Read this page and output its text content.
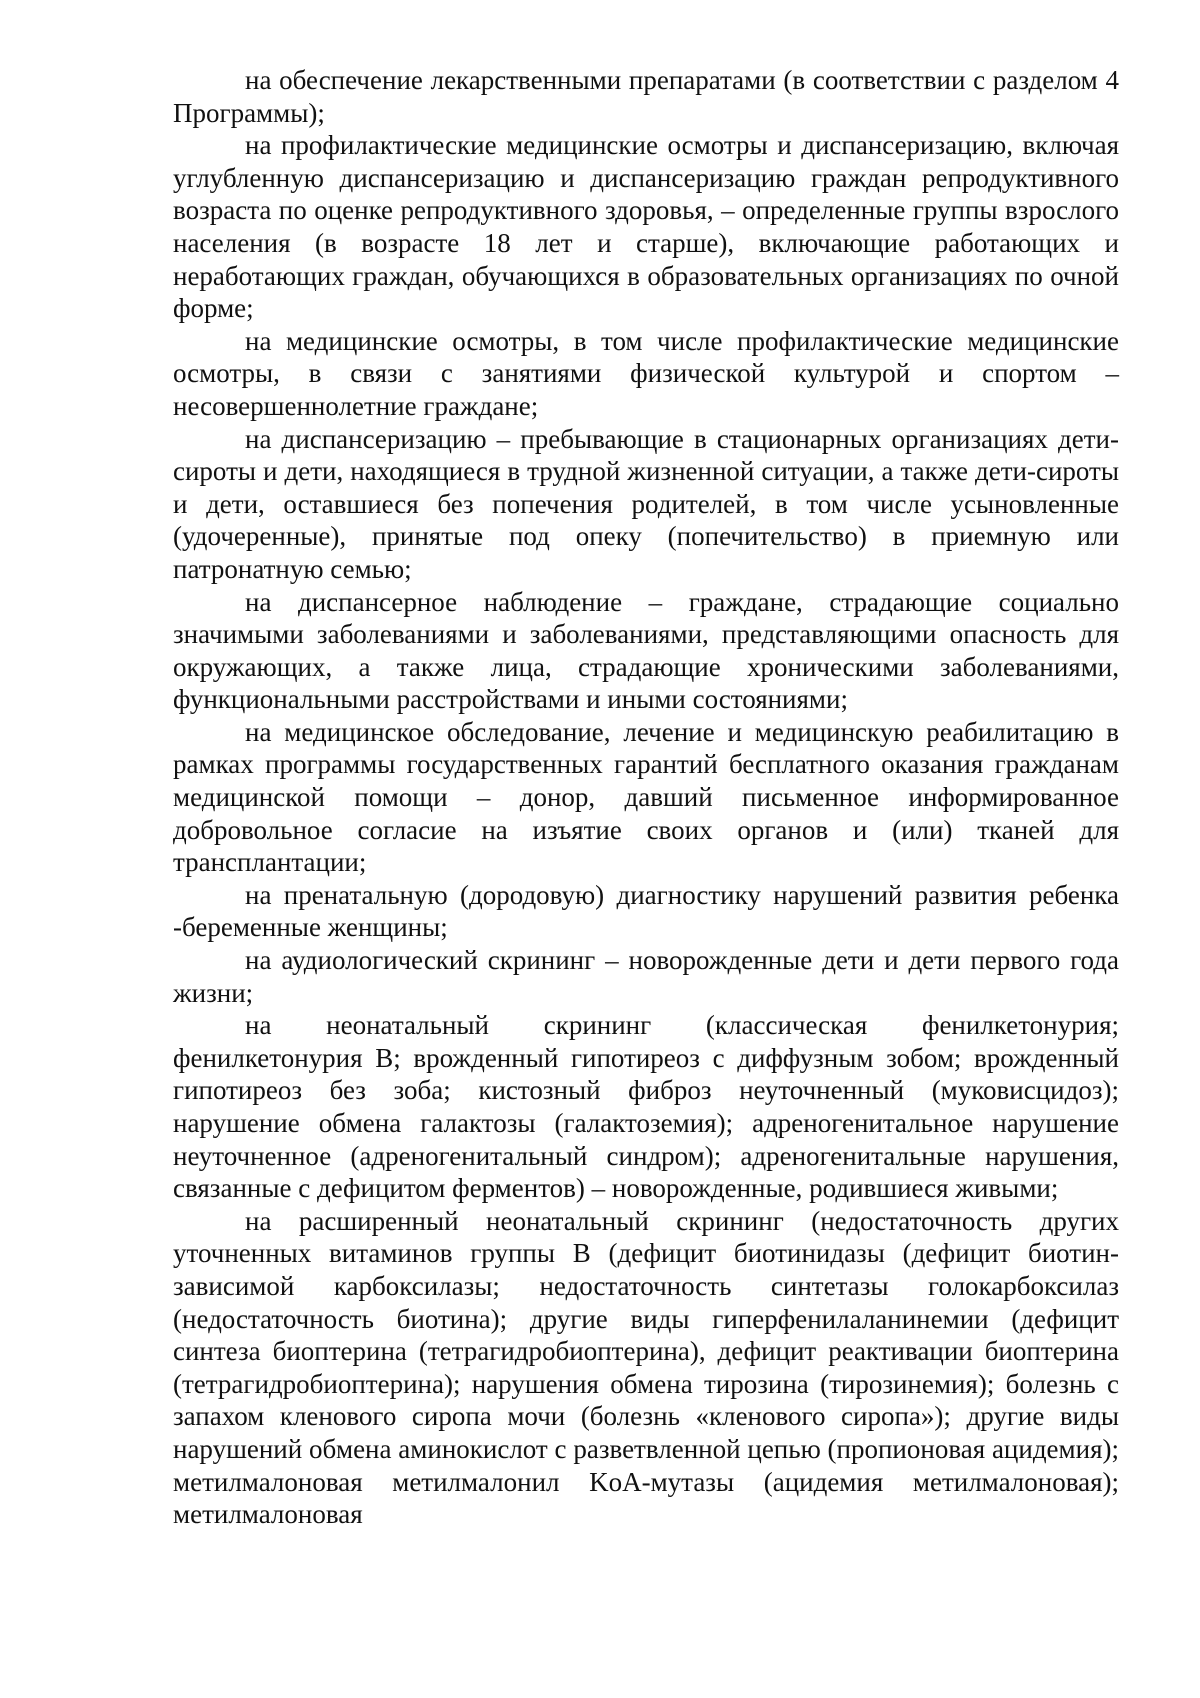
на обеспечение лекарственными препаратами (в соответствии с разделом 4 Программы);

на профилактические медицинские осмотры и диспансеризацию, включая углубленную диспансеризацию и диспансеризацию граждан репродуктивного возраста по оценке репродуктивного здоровья, – определенные группы взрослого населения (в возрасте 18 лет и старше), включающие работающих и неработающих граждан, обучающихся в образовательных организациях по очной форме;

на медицинские осмотры, в том числе профилактические медицинские осмотры, в связи с занятиями физической культурой и спортом – несовершеннолетние граждане;

на диспансеризацию – пребывающие в стационарных организациях дети-сироты и дети, находящиеся в трудной жизненной ситуации, а также дети-сироты и дети, оставшиеся без попечения родителей, в том числе усыновленные (удочеренные), принятые под опеку (попечительство) в приемную или патронатную семью;

на диспансерное наблюдение – граждане, страдающие социально значимыми заболеваниями и заболеваниями, представляющими опасность для окружающих, а также лица, страдающие хроническими заболеваниями, функциональными расстройствами и иными состояниями;

на медицинское обследование, лечение и медицинскую реабилитацию в рамках программы государственных гарантий бесплатного оказания гражданам медицинской помощи – донор, давший письменное информированное добровольное согласие на изъятие своих органов и (или) тканей для трансплантации;

на пренатальную (дородовую) диагностику нарушений развития ребенка -беременные женщины;

на аудиологический скрининг – новорожденные дети и дети первого года жизни;

на неонатальный скрининг (классическая фенилкетонурия; фенилкетонурия B; врожденный гипотиреоз с диффузным зобом; врожденный гипотиреоз без зоба; кистозный фиброз неуточненный (муковисцидоз); нарушение обмена галактозы (галактоземия); адреногенитальное нарушение неуточненное (адреногенитальный синдром); адреногенитальные нарушения, связанные с дефицитом ферментов) – новорожденные, родившиеся живыми;

на расширенный неонатальный скрининг (недостаточность других уточненных витаминов группы B (дефицит биотинидазы (дефицит биотин-зависимой карбоксилазы; недостаточность синтетазы голокарбоксилаз (недостаточность биотина); другие виды гиперфенилаланинемии (дефицит синтеза биоптерина (тетрагидробиоптерина), дефицит реактивации биоптерина (тетрагидробиоптерина); нарушения обмена тирозина (тирозинемия); болезнь с запахом кленового сиропа мочи (болезнь «кленового сиропа»); другие виды нарушений обмена аминокислот с разветвленной цепью (пропионовая ацидемия); метилмалоновая метилмалонил KoA-мутазы (ацидемия метилмалоновая); метилмалоновая
